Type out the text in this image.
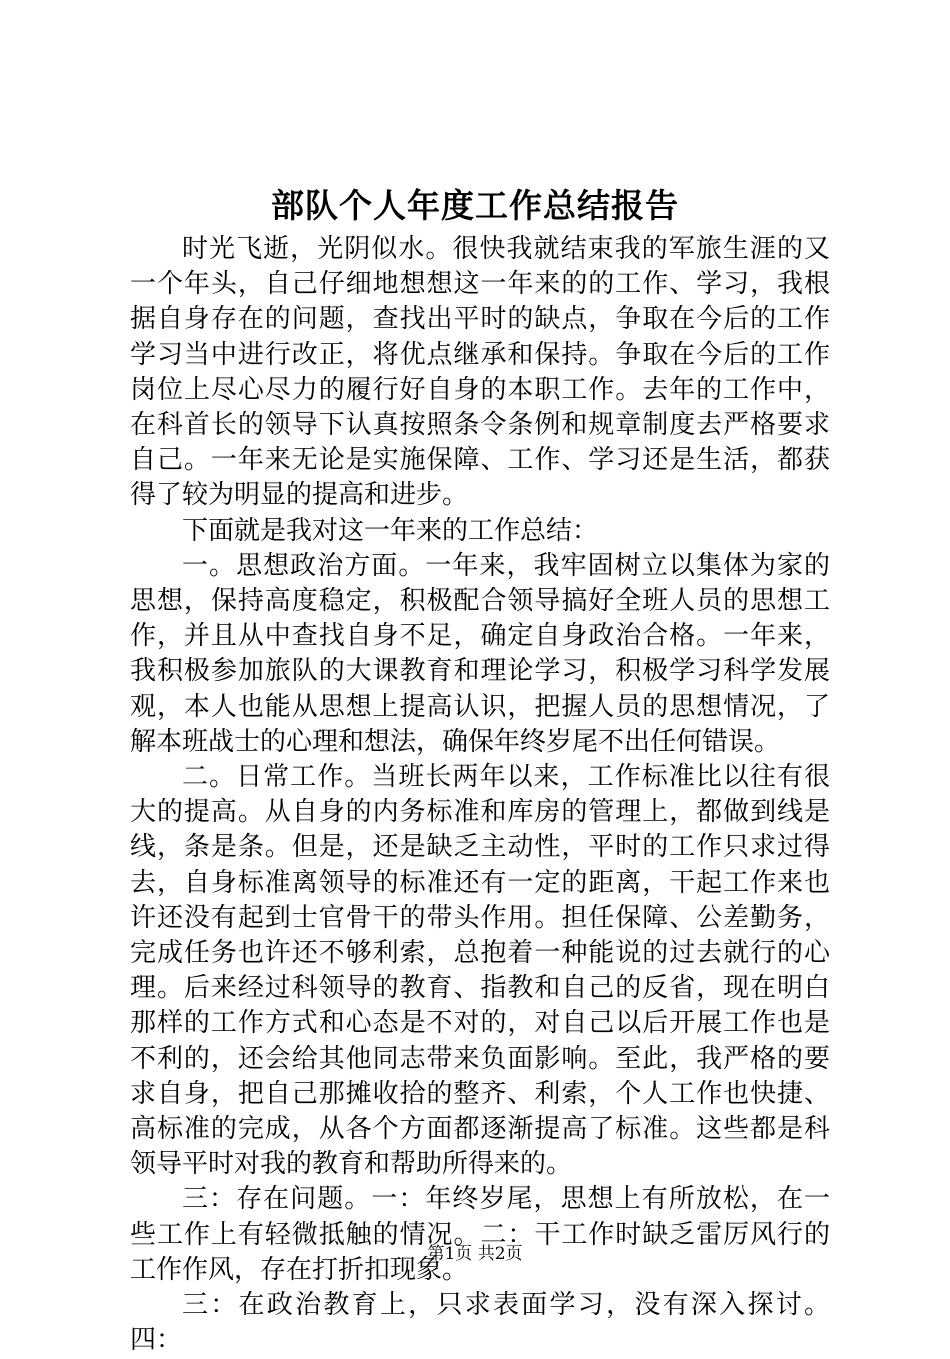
部队个人年度工作总结报告

时光飞逝，光阴似水。很快我就结束我的军旅生涯的又一个年头，自己仔细地想想这一年来的的工作、学习，我根据自身存在的问题，查找出平时的缺点，争取在今后的工作学习当中进行改正，将优点继承和保持。争取在今后的工作岗位上尽心尽力的履行好自身的本职工作。去年的工作中，在科首长的领导下认真按照条令条例和规章制度去严格要求自己。一年来无论是实施保障、工作、学习还是生活，都获得了较为明显的提高和进步。

下面就是我对这一年来的工作总结：

一。思想政治方面。一年来，我牢固树立以集体为家的思想，保持高度稳定，积极配合领导搞好全班人员的思想工作，并且从中查找自身不足，确定自身政治合格。一年来，我积极参加旅队的大课教育和理论学习，积极学习科学发展观，本人也能从思想上提高认识，把握人员的思想情况，了解本班战士的心理和想法，确保年终岁尾不出任何错误。

二。日常工作。当班长两年以来，工作标准比以往有很大的提高。从自身的内务标准和库房的管理上，都做到线是线，条是条。但是，还是缺乏主动性，平时的工作只求过得去，自身标准离领导的标准还有一定的距离，干起工作来也许还没有起到士官骨干的带头作用。担任保障、公差勤务，完成任务也许还不够利索，总抱着一种能说的过去就行的心理。后来经过科领导的教育、指教和自己的反省，现在明白那样的工作方式和心态是不对的，对自己以后开展工作也是不利的，还会给其他同志带来负面影响。至此，我严格的要求自身，把自己那摊收拾的整齐、利索，个人工作也快捷、高标准的完成，从各个方面都逐渐提高了标准。这些都是科领导平时对我的教育和帮助所得来的。

三：存在问题。一：年终岁尾，思想上有所放松，在一些工作上有轻微抵触的情况。二：干工作时缺乏雷厉风行的工作作风，存在打折扣现象。

三：在政治教育上，只求表面学习，没有深入探讨。四：

第1页 共2页
